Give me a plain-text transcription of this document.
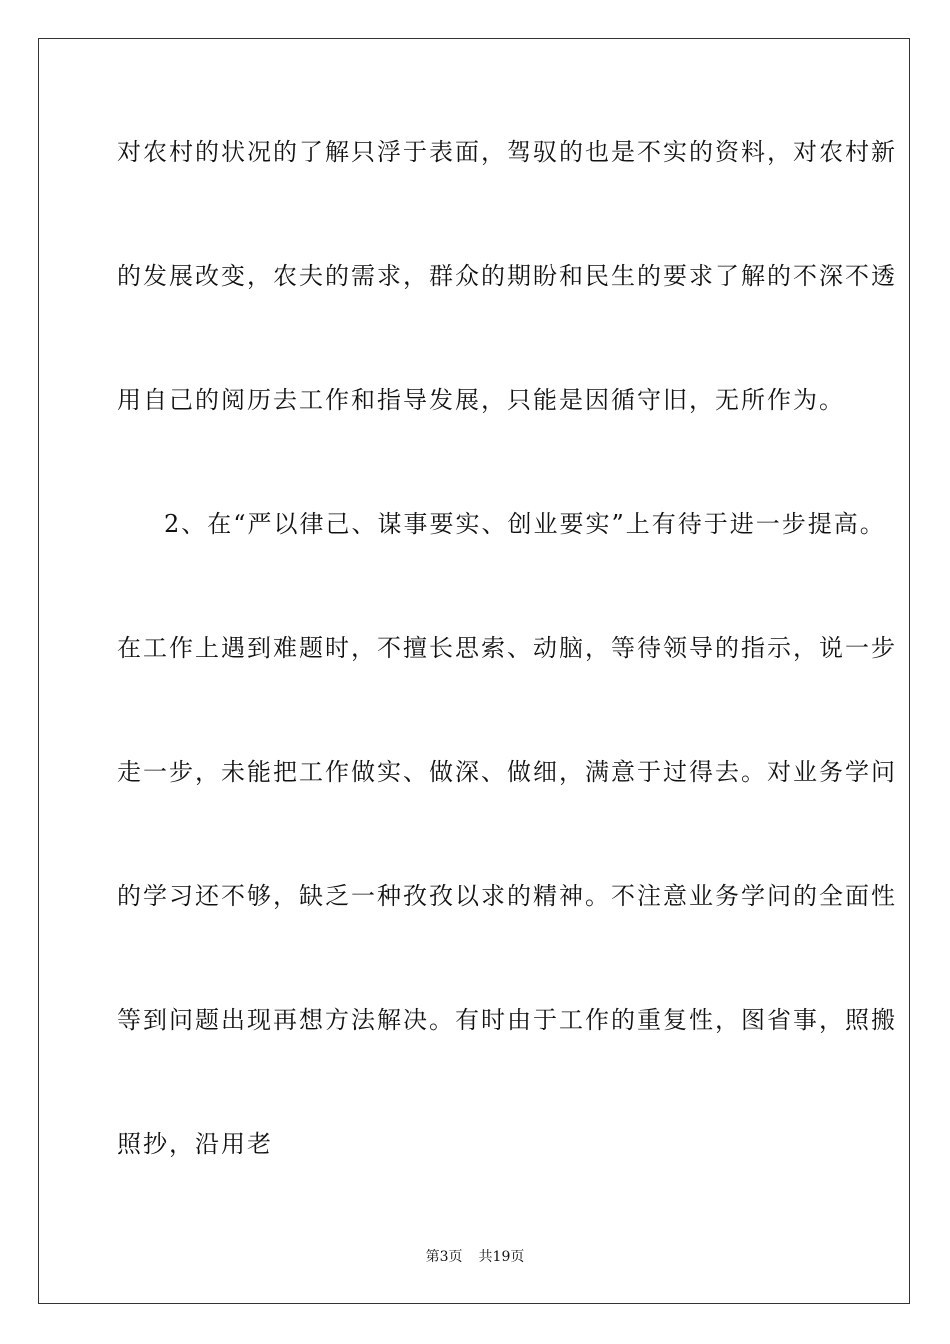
对农村的状况的了解只浮于表面，驾驭的也是不实的资料，对农村新
的发展改变，农夫的需求，群众的期盼和民生的要求了解的不深不透
用自己的阅历去工作和指导发展，只能是因循守旧，无所作为。
2、在“严以律己、谋事要实、创业要实”上有待于进一步提高。
在工作上遇到难题时，不擅长思索、动脑，等待领导的指示，说一步
走一步，未能把工作做实、做深、做细，满意于过得去。对业务学问
的学习还不够，缺乏一种孜孜以求的精神。不注意业务学问的全面性
等到问题出现再想方法解决。有时由于工作的重复性，图省事，照搬
照抄，沿用老
第3页 共19页
